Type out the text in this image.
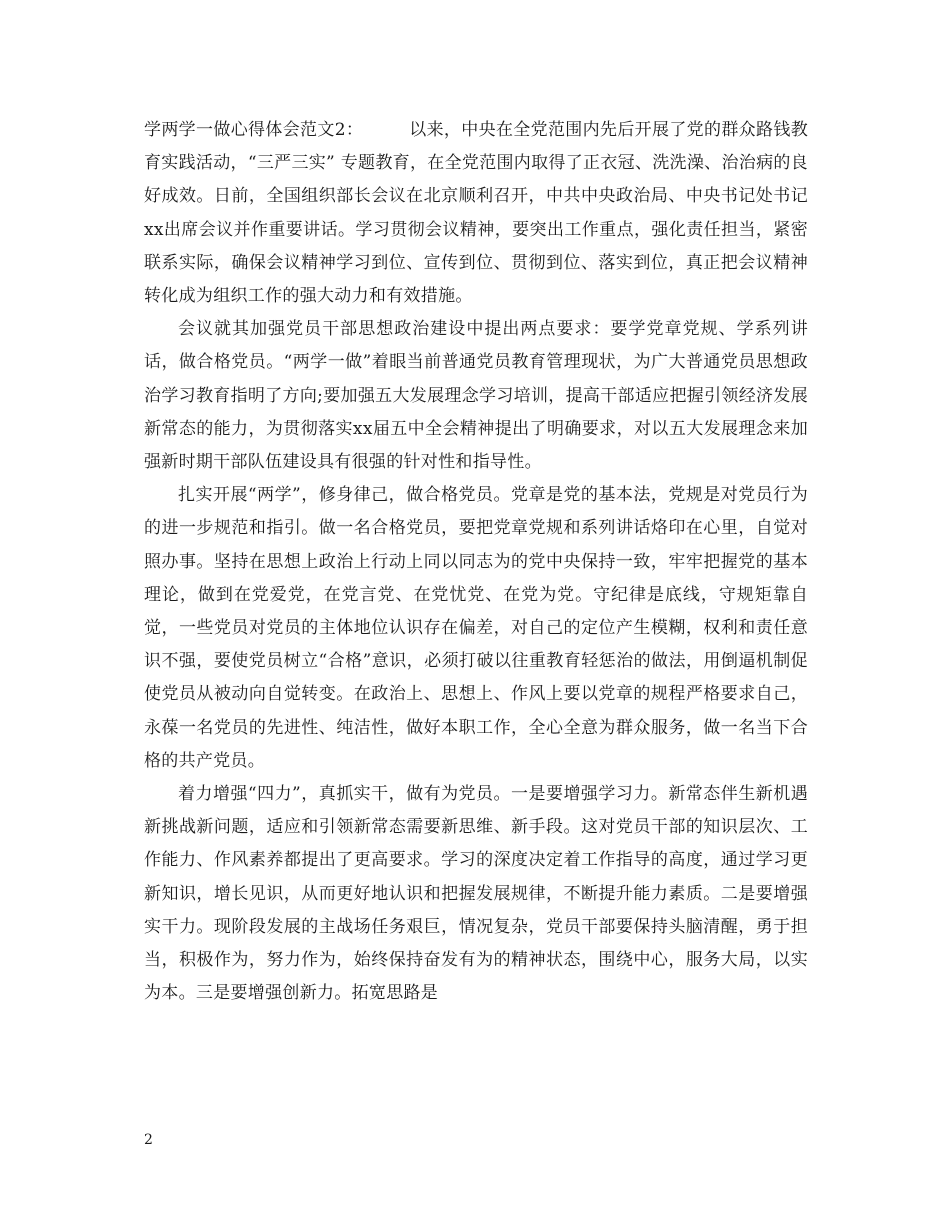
学两学一做心得体会范文2：	以来，中央在全党范围内先后开展了党的群众路钱教育实践活动，“三严三实” 专题教育，在全党范围内取得了正衣冠、洗洗澡、治治病的良好成效。日前，全国组织部长会议在北京顺利召开，中共中央政治局、中央书记处书记xx出席会议并作重要讲话。学习贯彻会议精神，要突出工作重点，强化责任担当，紧密联系实际，确保会议精神学习到位、宣传到位、贯彻到位、落实到位，真正把会议精神转化成为组织工作的强大动力和有效措施。

会议就其加强党员干部思想政治建设中提出两点要求：要学党章党规、学系列讲话，做合格党员。“两学一做”着眼当前普通党员教育管理现状，为广大普通党员思想政治学习教育指明了方向;要加强五大发展理念学习培训，提高干部适应把握引领经济发展新常态的能力，为贯彻落实xx届五中全会精神提出了明确要求，对以五大发展理念来加强新时期干部队伍建设具有很强的针对性和指导性。

扎实开展“两学”，修身律己，做合格党员。党章是党的基本法，党规是对党员行为的进一步规范和指引。做一名合格党员，要把党章党规和系列讲话烙印在心里，自觉对照办事。坚持在思想上政治上行动上同以同志为的党中央保持一致，牢牢把握党的基本理论，做到在党爱党，在党言党、在党忧党、在党为党。守纪律是底线，守规矩靠自觉，一些党员对党员的主体地位认识存在偏差，对自己的定位产生模糊，权利和责任意识不强，要使党员树立“合格”意识，必须打破以往重教育轻惩治的做法，用倒逼机制促使党员从被动向自觉转变。在政治上、思想上、作风上要以党章的规程严格要求自己，永葆一名党员的先进性、纯洁性，做好本职工作，全心全意为群众服务，做一名当下合格的共产党员。

着力增强“四力”，真抓实干，做有为党员。一是要增强学习力。新常态伴生新机遇新挑战新问题，适应和引领新常态需要新思维、新手段。这对党员干部的知识层次、工作能力、作风素养都提出了更高要求。学习的深度决定着工作指导的高度，通过学习更新知识，增长见识，从而更好地认识和把握发展规律，不断提升能力素质。二是要增强实干力。现阶段发展的主战场任务艰巨，情况复杂，党员干部要保持头脑清醒，勇于担当，积极作为，努力作为，始终保持奋发有为的精神状态，围绕中心，服务大局，以实为本。三是要增强创新力。拓宽思路是

2
